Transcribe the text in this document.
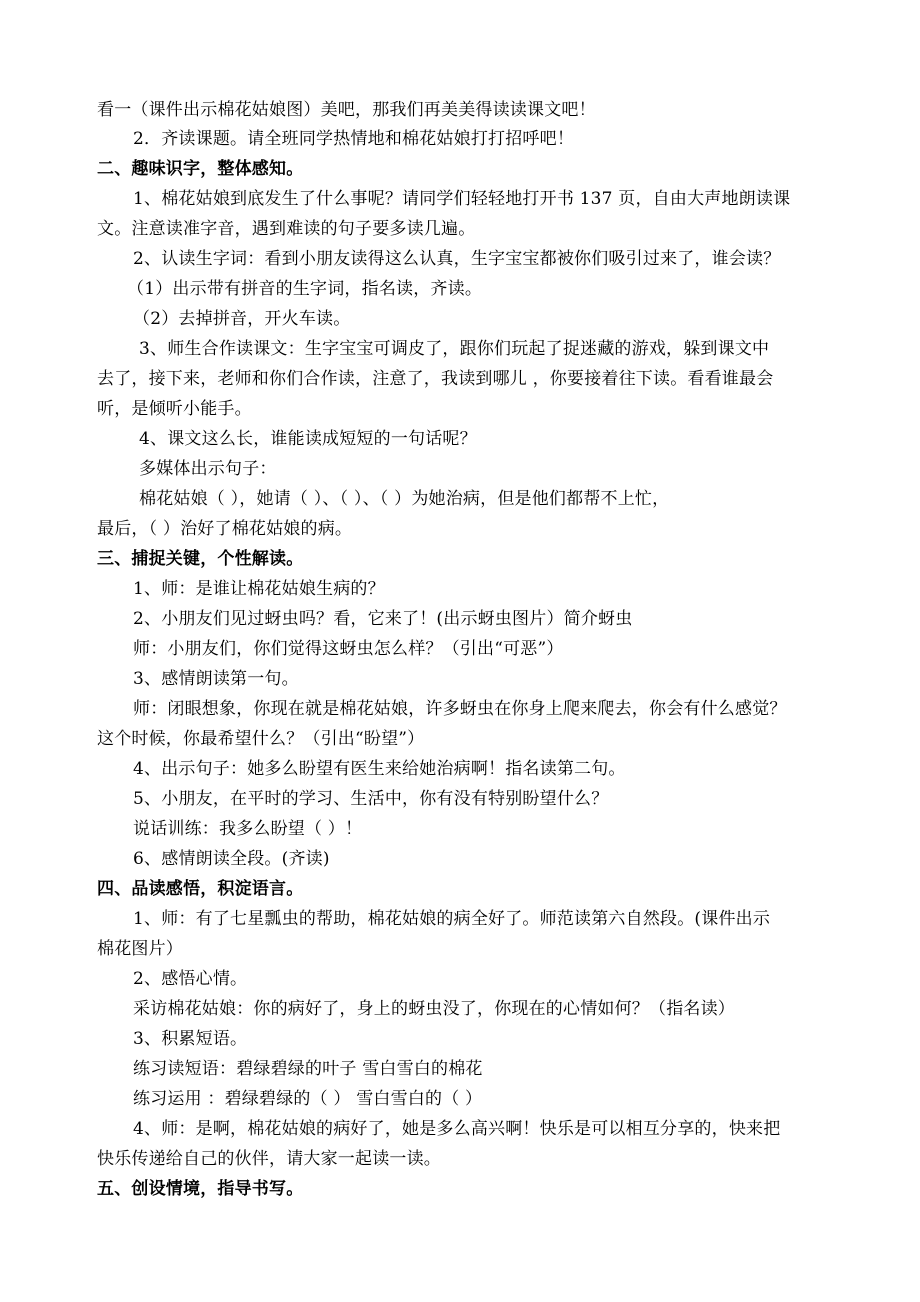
看一（课件出示棉花姑娘图）美吧，那我们再美美得读读课文吧！
2．齐读课题。请全班同学热情地和棉花姑娘打打招呼吧！
二、趣味识字，整体感知。
1、棉花姑娘到底发生了什么事呢？请同学们轻轻地打开书 137 页，自由大声地朗读课
文。注意读准字音，遇到难读的句子要多读几遍。
2、认读生字词：看到小朋友读得这么认真，生字宝宝都被你们吸引过来了，谁会读？
（1）出示带有拼音的生字词，指名读，齐读。
（2）去掉拼音，开火车读。
3、师生合作读课文：生字宝宝可调皮了，跟你们玩起了捉迷藏的游戏，躲到课文中
去了，接下来，老师和你们合作读，注意了，我读到哪儿 ，你要接着往下读。看看谁最会
听，是倾听小能手。
4、课文这么长，谁能读成短短的一句话呢？
多媒体出示句子：
棉花姑娘（ ），她请（ ）、（ ）、（ ）为她治病，但是他们都帮不上忙，
最后，（ ）治好了棉花姑娘的病。
三、捕捉关键，个性解读。
1、师：是谁让棉花姑娘生病的？
2、小朋友们见过蚜虫吗？看，它来了！(出示蚜虫图片）简介蚜虫
师：小朋友们，你们觉得这蚜虫怎么样？（引出“可恶”）
3、感情朗读第一句。
师：闭眼想象，你现在就是棉花姑娘，许多蚜虫在你身上爬来爬去，你会有什么感觉？
这个时候，你最希望什么？（引出“盼望”）
4、出示句子：她多么盼望有医生来给她治病啊！指名读第二句。
5、小朋友，在平时的学习、生活中，你有没有特别盼望什么？
说话训练：我多么盼望（ ）！
6、感情朗读全段。(齐读)
四、品读感悟，积淀语言。
1、师：有了七星瓢虫的帮助，棉花姑娘的病全好了。师范读第六自然段。(课件出示
棉花图片）
2、感悟心情。
采访棉花姑娘：你的病好了，身上的蚜虫没了，你现在的心情如何？（指名读）
3、积累短语。
练习读短语：碧绿碧绿的叶子 雪白雪白的棉花
练习运用 ：碧绿碧绿的（ ） 雪白雪白的（ ）
4、师：是啊，棉花姑娘的病好了，她是多么高兴啊！快乐是可以相互分享的，快来把
快乐传递给自己的伙伴，请大家一起读一读。
五、创设情境，指导书写。
